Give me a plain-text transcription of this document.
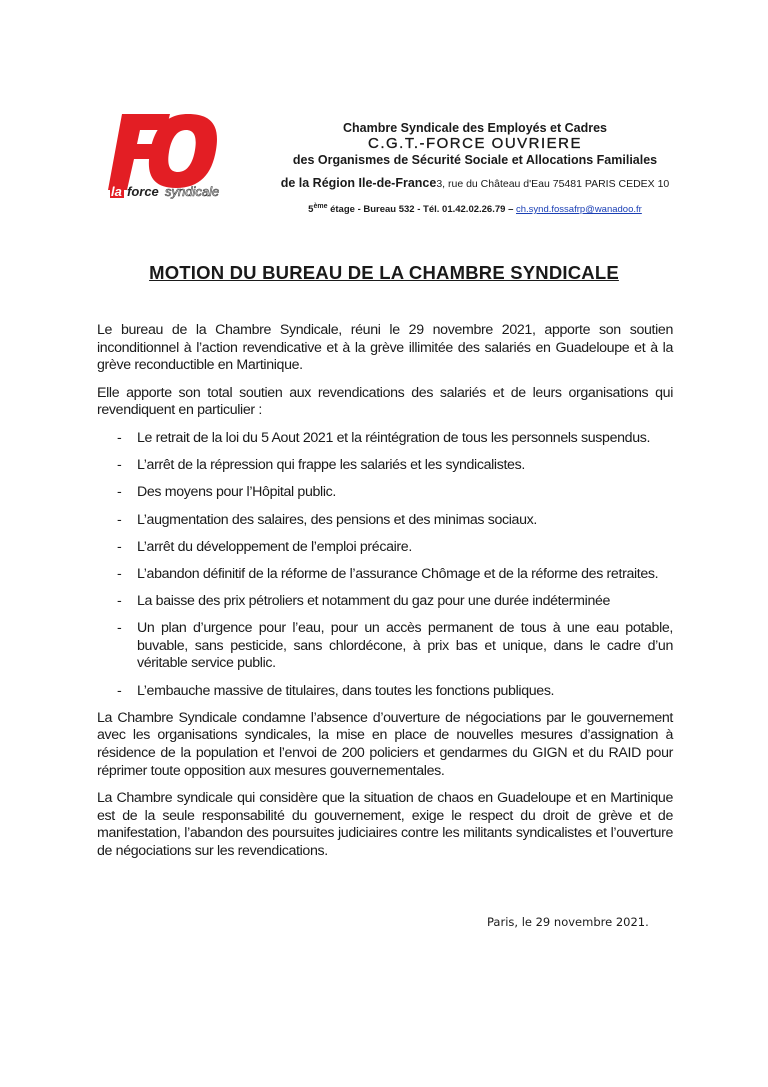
la force syndicale
Chambre Syndicale des Employés et Cadres
C.G.T.-FORCE OUVRIERE
des Organismes de Sécurité Sociale et Allocations Familiales
de la Région Ile-de-France3, rue du Château d'Eau 75481 PARIS CEDEX 10
5ème étage - Bureau 532 - Tél. 01.42.02.26.79 – ch.synd.fossafrp@wanadoo.fr
MOTION DU BUREAU DE LA CHAMBRE SYNDICALE

Le bureau de la Chambre Syndicale, réuni le 29 novembre 2021, apporte son soutien inconditionnel à l’action revendicative et à la grève illimitée des salariés en Guadeloupe et à la grève reconductible en Martinique.

Elle apporte son total soutien aux revendications des salariés et de leurs organisations qui revendiquent en particulier :

- Le retrait de la loi du 5 Aout 2021 et la réintégration de tous les personnels suspendus.
- L’arrêt de la répression qui frappe les salariés et les syndicalistes.
- Des moyens pour l’Hôpital public.
- L’augmentation des salaires, des pensions et des minimas sociaux.
- L’arrêt du développement de l’emploi précaire.
- L’abandon définitif de la réforme de l’assurance Chômage et de la réforme des retraites.
- La baisse des prix pétroliers et notamment du gaz pour une durée indéterminée
- Un plan d’urgence pour l’eau, pour un accès permanent de tous à une eau potable, buvable, sans pesticide, sans chlordécone, à prix bas et unique, dans le cadre d’un véritable service public.
- L’embauche massive de titulaires, dans toutes les fonctions publiques.

La Chambre Syndicale condamne l’absence d’ouverture de négociations par le gouvernement avec les organisations syndicales, la mise en place de nouvelles mesures d’assignation à résidence de la population et l’envoi de 200 policiers et gendarmes du GIGN et du RAID pour réprimer toute opposition aux mesures gouvernementales.

La Chambre syndicale qui considère que la situation de chaos en Guadeloupe et en Martinique est de la seule responsabilité du gouvernement, exige le respect du droit de grève et de manifestation, l’abandon des poursuites judiciaires contre les militants syndicalistes et l’ouverture de négociations sur les revendications.

Paris, le 29 novembre 2021.
